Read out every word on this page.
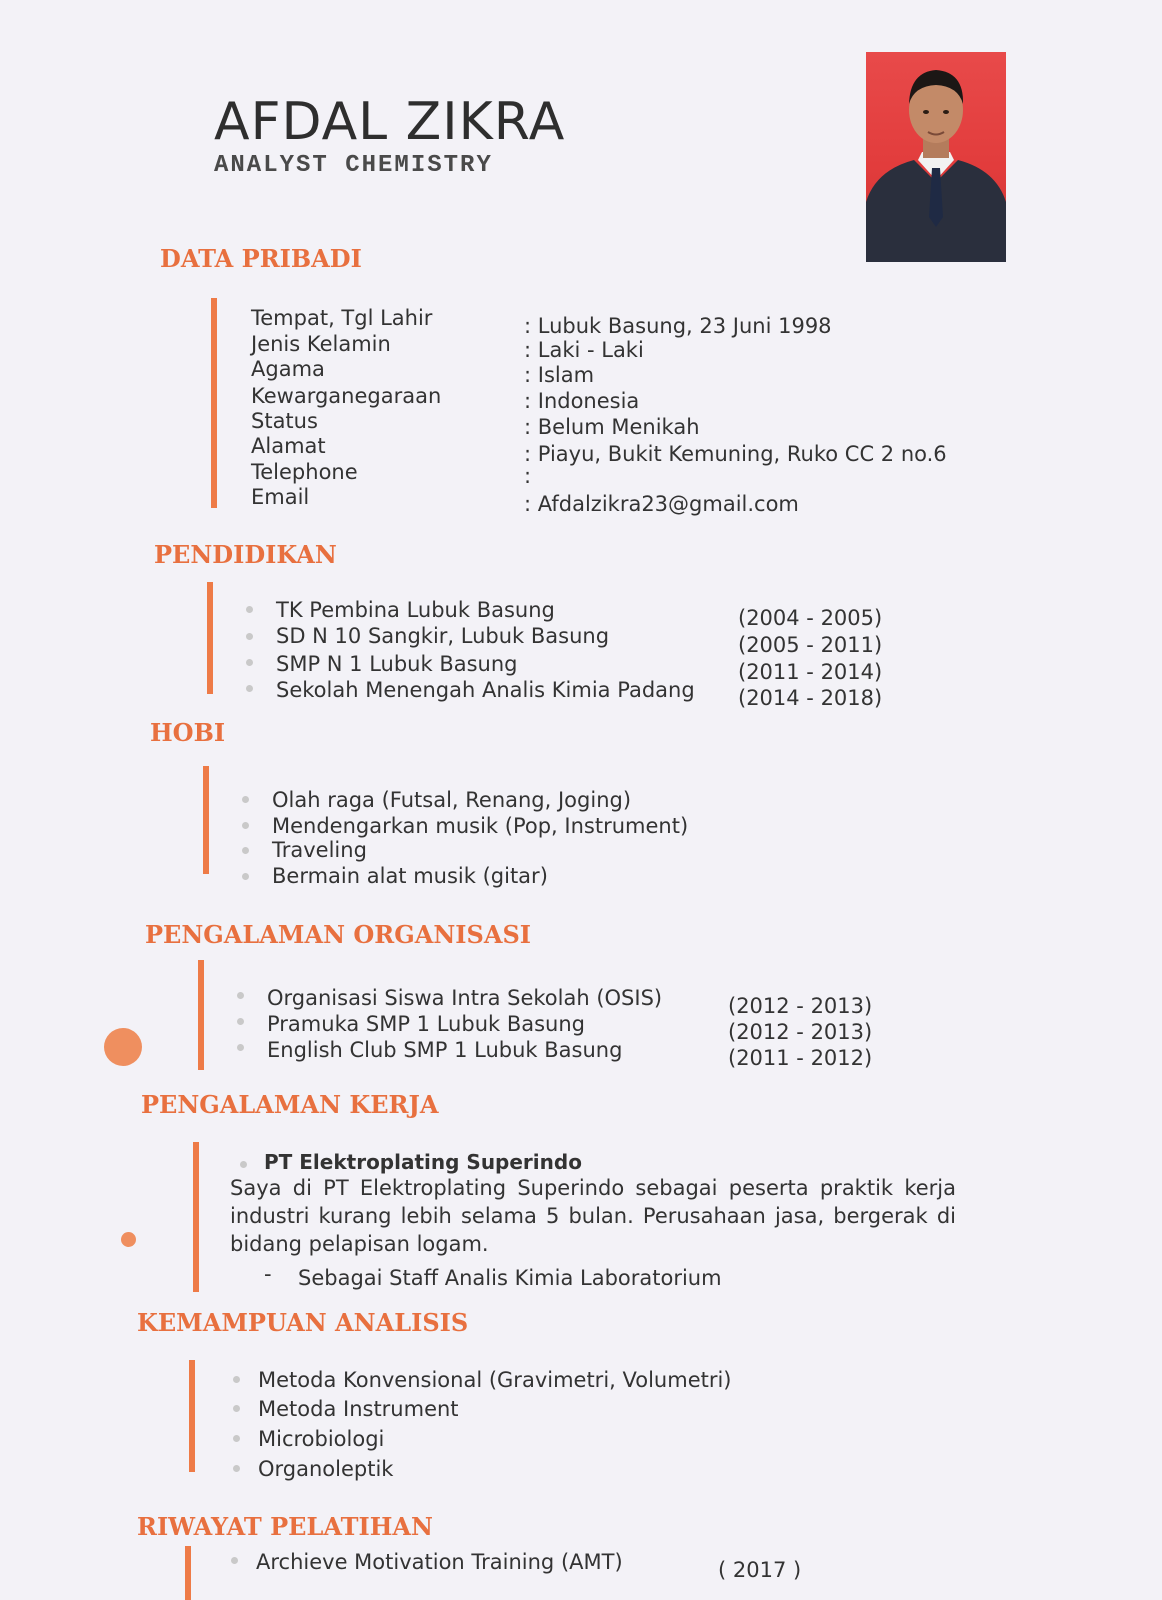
AFDAL ZIKRA
ANALYST CHEMISTRY
DATA PRIBADI
Tempat, Tgl Lahir	: Lubuk Basung, 23 Juni 1998
Jenis Kelamin	: Laki - Laki
Agama	: Islam
Kewarganegaraan	: Indonesia
Status	: Belum Menikah
Alamat	: Piayu, Bukit Kemuning, Ruko CC 2 no.6
Telephone	:
Email	: Afdalzikra23@gmail.com
PENDIDIKAN
TK Pembina Lubuk Basung	(2004 - 2005)
SD N 10 Sangkir, Lubuk Basung	(2005 - 2011)
SMP N 1 Lubuk Basung	(2011 - 2014)
Sekolah Menengah Analis Kimia Padang (2014 - 2018)
HOBI
Olah raga (Futsal, Renang, Joging)
Mendengarkan musik (Pop, Instrument)
Traveling
Bermain alat musik (gitar)
PENGALAMAN ORGANISASI
Organisasi Siswa Intra Sekolah (OSIS)	(2012 - 2013)
Pramuka SMP 1 Lubuk Basung	(2012 - 2013)
English Club SMP 1 Lubuk Basung	(2011 - 2012)
PENGALAMAN KERJA
PT Elektroplating Superindo
Saya di PT Elektroplating Superindo sebagai peserta praktik kerja industri kurang lebih selama 5 bulan. Perusahaan jasa, bergerak di bidang pelapisan logam.
- Sebagai Staff Analis Kimia Laboratorium
KEMAMPUAN ANALISIS
Metoda Konvensional (Gravimetri, Volumetri)
Metoda Instrument
Microbiologi
Organoleptik
RIWAYAT PELATIHAN
Archieve Motivation Training (AMT)	( 2017 )
